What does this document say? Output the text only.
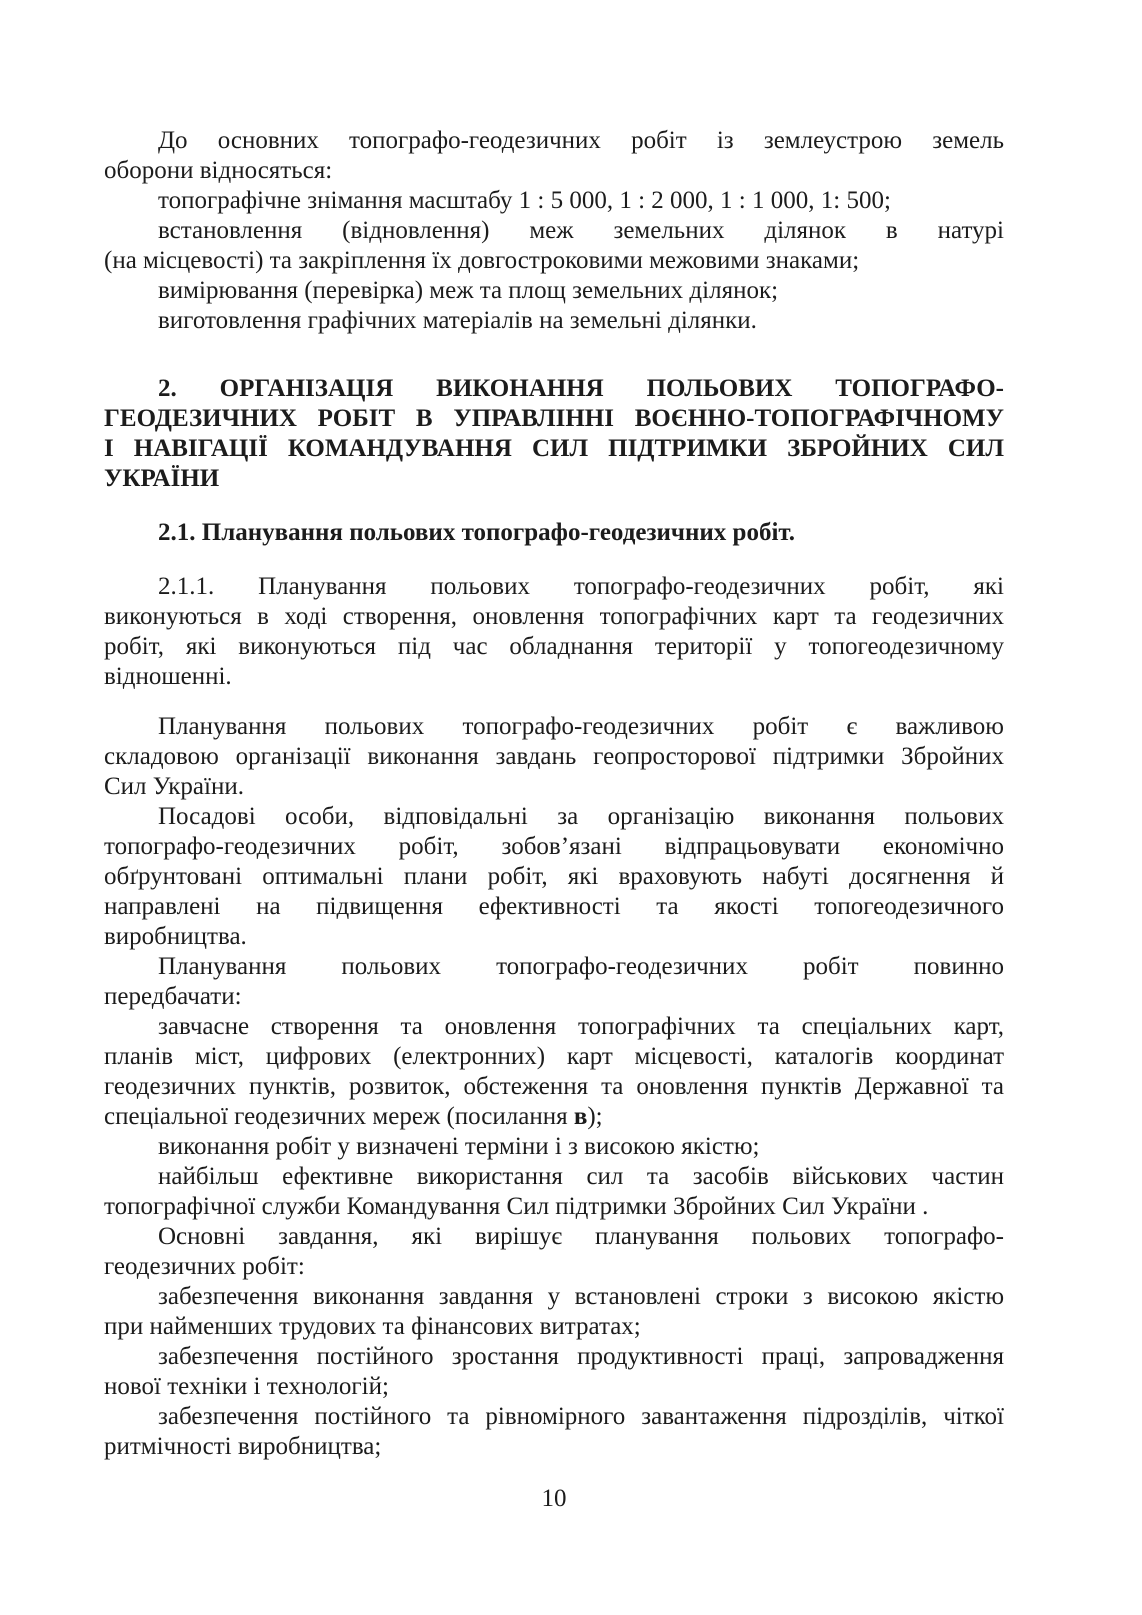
До основних топографо-геодезичних робіт із землеустрою земель
оборони відносяться:
топографічне знімання масштабу 1 : 5 000, 1 : 2 000, 1 : 1 000, 1: 500;
встановлення (відновлення) меж земельних ділянок в натурі
(на місцевості) та закріплення їх довгостроковими межовими знаками;
вимірювання (перевірка) меж та площ земельних ділянок;
виготовлення графічних матеріалів на земельні ділянки.
2. ОРГАНІЗАЦІЯ ВИКОНАННЯ ПОЛЬОВИХ ТОПОГРАФО-
ГЕОДЕЗИЧНИХ РОБІТ В УПРАВЛІННІ ВОЄННО-ТОПОГРАФІЧНОМУ
І НАВІГАЦІЇ КОМАНДУВАННЯ СИЛ ПІДТРИМКИ ЗБРОЙНИХ СИЛ
УКРАЇНИ
2.1. Планування польових топографо-геодезичних робіт.
2.1.1. Планування польових топографо-геодезичних робіт, які
виконуються в ході створення, оновлення топографічних карт та геодезичних
робіт, які виконуються під час обладнання території у топогеодезичному
відношенні.
Планування польових топографо-геодезичних робіт є важливою
складовою організації виконання завдань геопросторової підтримки Збройних
Сил України.
Посадові особи, відповідальні за організацію виконання польових
топографо-геодезичних робіт, зобов’язані відпрацьовувати економічно
обґрунтовані оптимальні плани робіт, які враховують набуті досягнення й
направлені на підвищення ефективності та якості топогеодезичного
виробництва.
Планування польових топографо-геодезичних робіт повинно
передбачати:
завчасне створення та оновлення топографічних та спеціальних карт,
планів міст, цифрових (електронних) карт місцевості, каталогів координат
геодезичних пунктів, розвиток, обстеження та оновлення пунктів Державної та
спеціальної геодезичних мереж (посилання в);
виконання робіт у визначені терміни і з високою якістю;
найбільш ефективне використання сил та засобів військових частин
топографічної служби Командування Сил підтримки Збройних Сил України .
Основні завдання, які вирішує планування польових топографо-
геодезичних робіт:
забезпечення виконання завдання у встановлені строки з високою якістю
при найменших трудових та фінансових витратах;
забезпечення постійного зростання продуктивності праці, запровадження
нової техніки і технологій;
забезпечення постійного та рівномірного завантаження підрозділів, чіткої
ритмічності виробництва;
10
